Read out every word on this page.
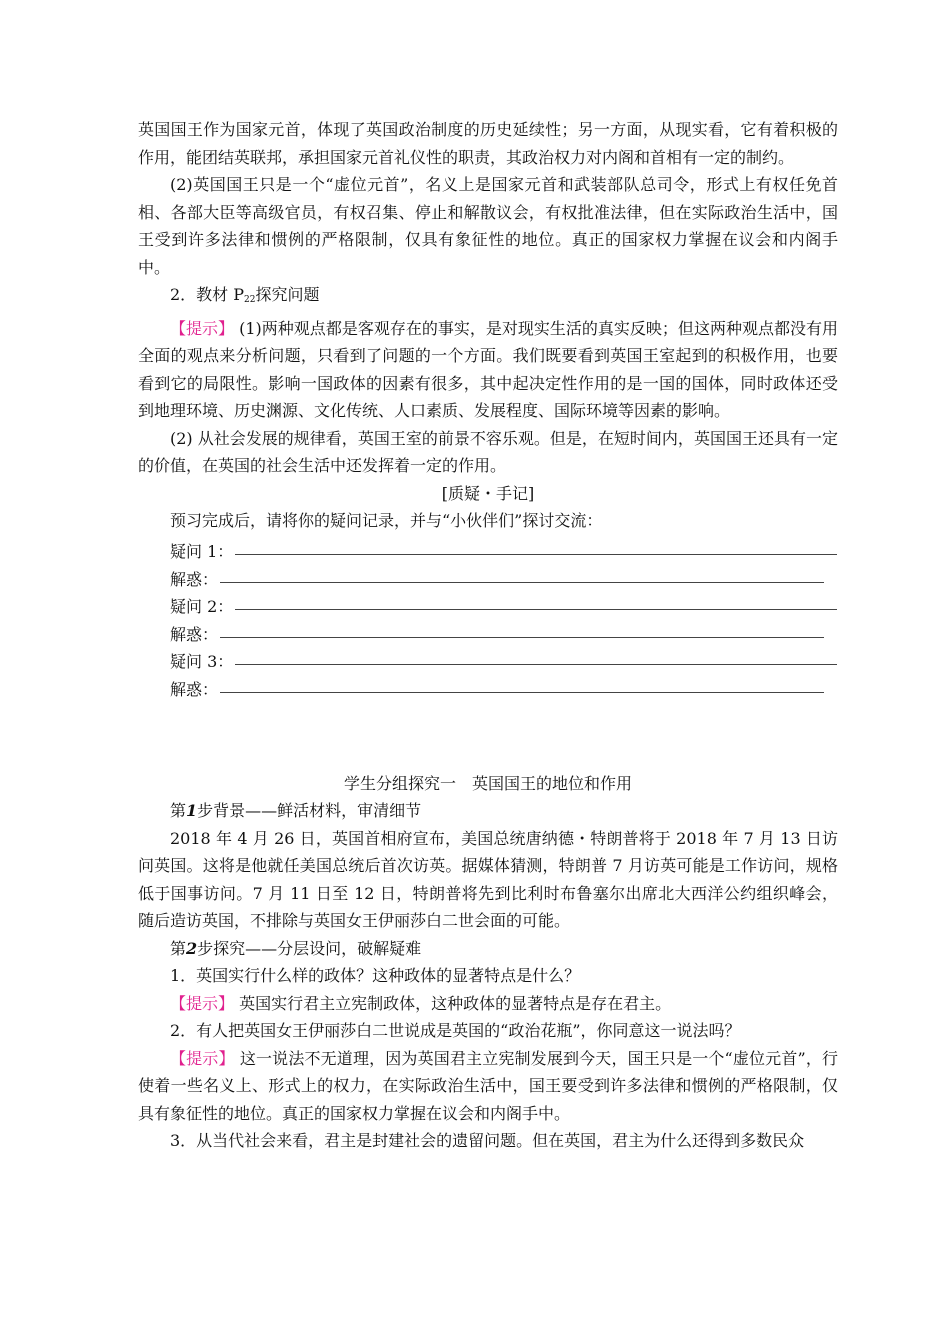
英国国王作为国家元首，体现了英国政治制度的历史延续性；另一方面，从现实看，它有着积极的作用，能团结英联邦，承担国家元首礼仪性的职责，其政治权力对内阁和首相有一定的制约。

(2)英国国王只是一个“虚位元首”，名义上是国家元首和武装部队总司令，形式上有权任免首相、各部大臣等高级官员，有权召集、停止和解散议会，有权批准法律，但在实际政治生活中，国王受到许多法律和惯例的严格限制，仅具有象征性的地位。真正的国家权力掌握在议会和内阁手中。

2．教材 $P_{22}$探究问题

【提示】 (1)两种观点都是客观存在的事实，是对现实生活的真实反映；但这两种观点都没有用全面的观点来分析问题，只看到了问题的一个方面。我们既要看到英国王室起到的积极作用，也要看到它的局限性。影响一国政体的因素有很多，其中起决定性作用的是一国的国体，同时政体还受到地理环境、历史渊源、文化传统、人口素质、发展程度、国际环境等因素的影响。

(2) 从社会发展的规律看，英国王室的前景不容乐观。但是，在短时间内，英国国王还具有一定的价值，在英国的社会生活中还发挥着一定的作用。

[质疑・手记]

预习完成后，请将你的疑问记录，并与“小伙伴们”探讨交流：

疑问 1：
解惑：
疑问 2：
解惑：
疑问 3：
解惑：

学生分组探究一　英国国王的地位和作用

第1步背景——鲜活材料，审清细节

2018 年 4 月 26 日，英国首相府宣布，美国总统唐纳德・特朗普将于 2018 年 7 月 13 日访问英国。这将是他就任美国总统后首次访英。据媒体猜测，特朗普 7 月访英可能是工作访问，规格低于国事访问。7 月 11 日至 12 日，特朗普将先到比利时布鲁塞尔出席北大西洋公约组织峰会，随后造访英国，不排除与英国女王伊丽莎白二世会面的可能。

第2步探究——分层设问，破解疑难

1．英国实行什么样的政体？这种政体的显著特点是什么？

【提示】 英国实行君主立宪制政体，这种政体的显著特点是存在君主。

2．有人把英国女王伊丽莎白二世说成是英国的“政治花瓶”，你同意这一说法吗？

【提示】 这一说法不无道理，因为英国君主立宪制发展到今天，国王只是一个“虚位元首”，行使着一些名义上、形式上的权力，在实际政治生活中，国王要受到许多法律和惯例的严格限制，仅具有象征性的地位。真正的国家权力掌握在议会和内阁手中。

3．从当代社会来看，君主是封建社会的遗留问题。但在英国，君主为什么还得到多数民众
